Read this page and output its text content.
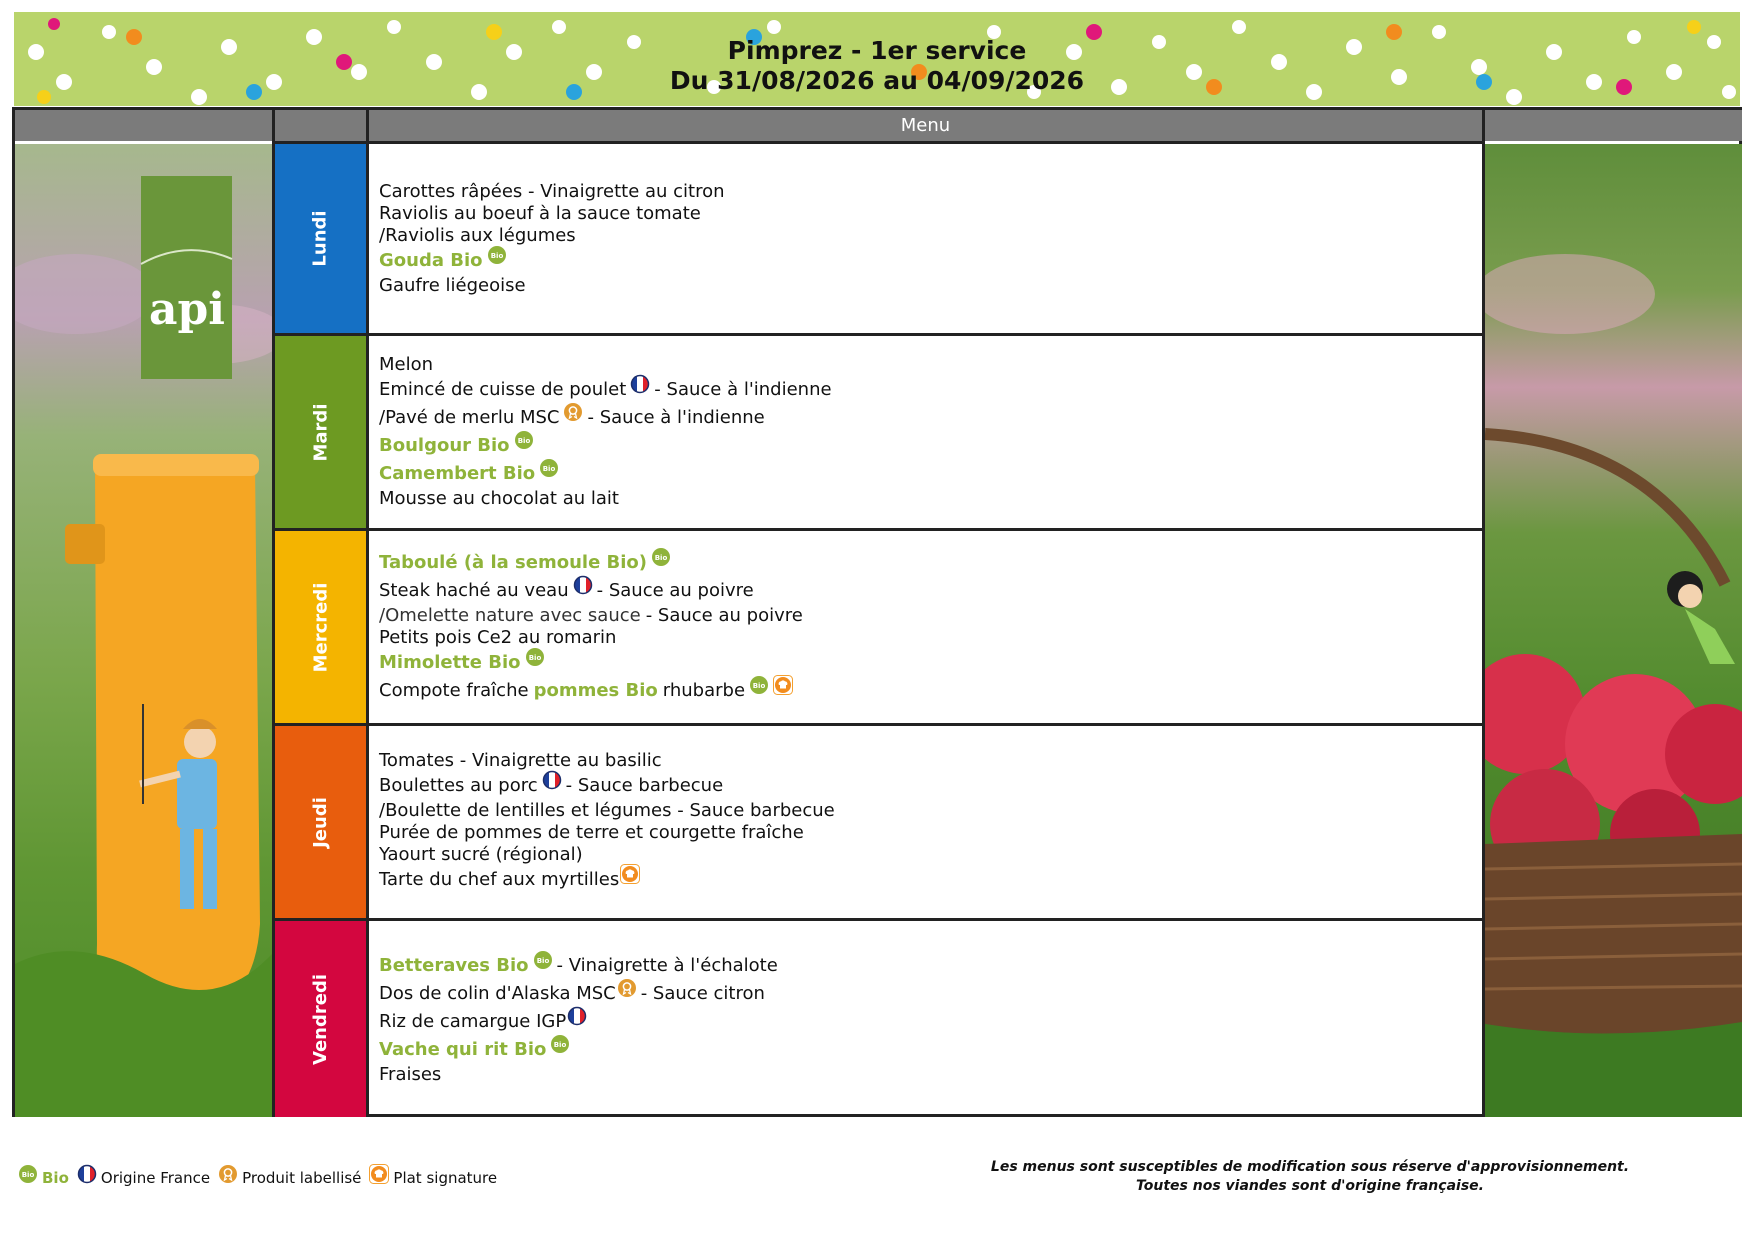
Pimprez - 1er service
Du 31/08/2026 au 04/09/2026
Menu
api
Lundi
Mardi
Mercredi
Jeudi
Vendredi
Carottes râpées - Vinaigrette au citron
Raviolis au boeuf à la sauce tomate
/Raviolis aux légumes
Gouda Bio
Gaufre liégeoise
Melon
Emincé de cuisse de poulet - Sauce à l'indienne
/Pavé de merlu MSC - Sauce à l'indienne
Boulgour Bio
Camembert Bio
Mousse au chocolat au lait
Taboulé (à la semoule Bio)
Steak haché au veau - Sauce au poivre
/Omelette nature avec sauce - Sauce au poivre
Petits pois Ce2 au romarin
Mimolette Bio
Compote fraîche pommes Bio rhubarbe
Tomates - Vinaigrette au basilic
Boulettes au porc - Sauce barbecue
/Boulette de lentilles et légumes - Sauce barbecue
Purée de pommes de terre et courgette fraîche
Yaourt sucré (régional)
Tarte du chef aux myrtilles
Betteraves Bio - Vinaigrette à l'échalote
Dos de colin d'Alaska MSC - Sauce citron
Riz de camargue IGP
Vache qui rit Bio
Fraises
Bio Origine France Produit labellisé Plat signature
Les menus sont susceptibles de modification sous réserve d'approvisionnement.
Toutes nos viandes sont d'origine française.
